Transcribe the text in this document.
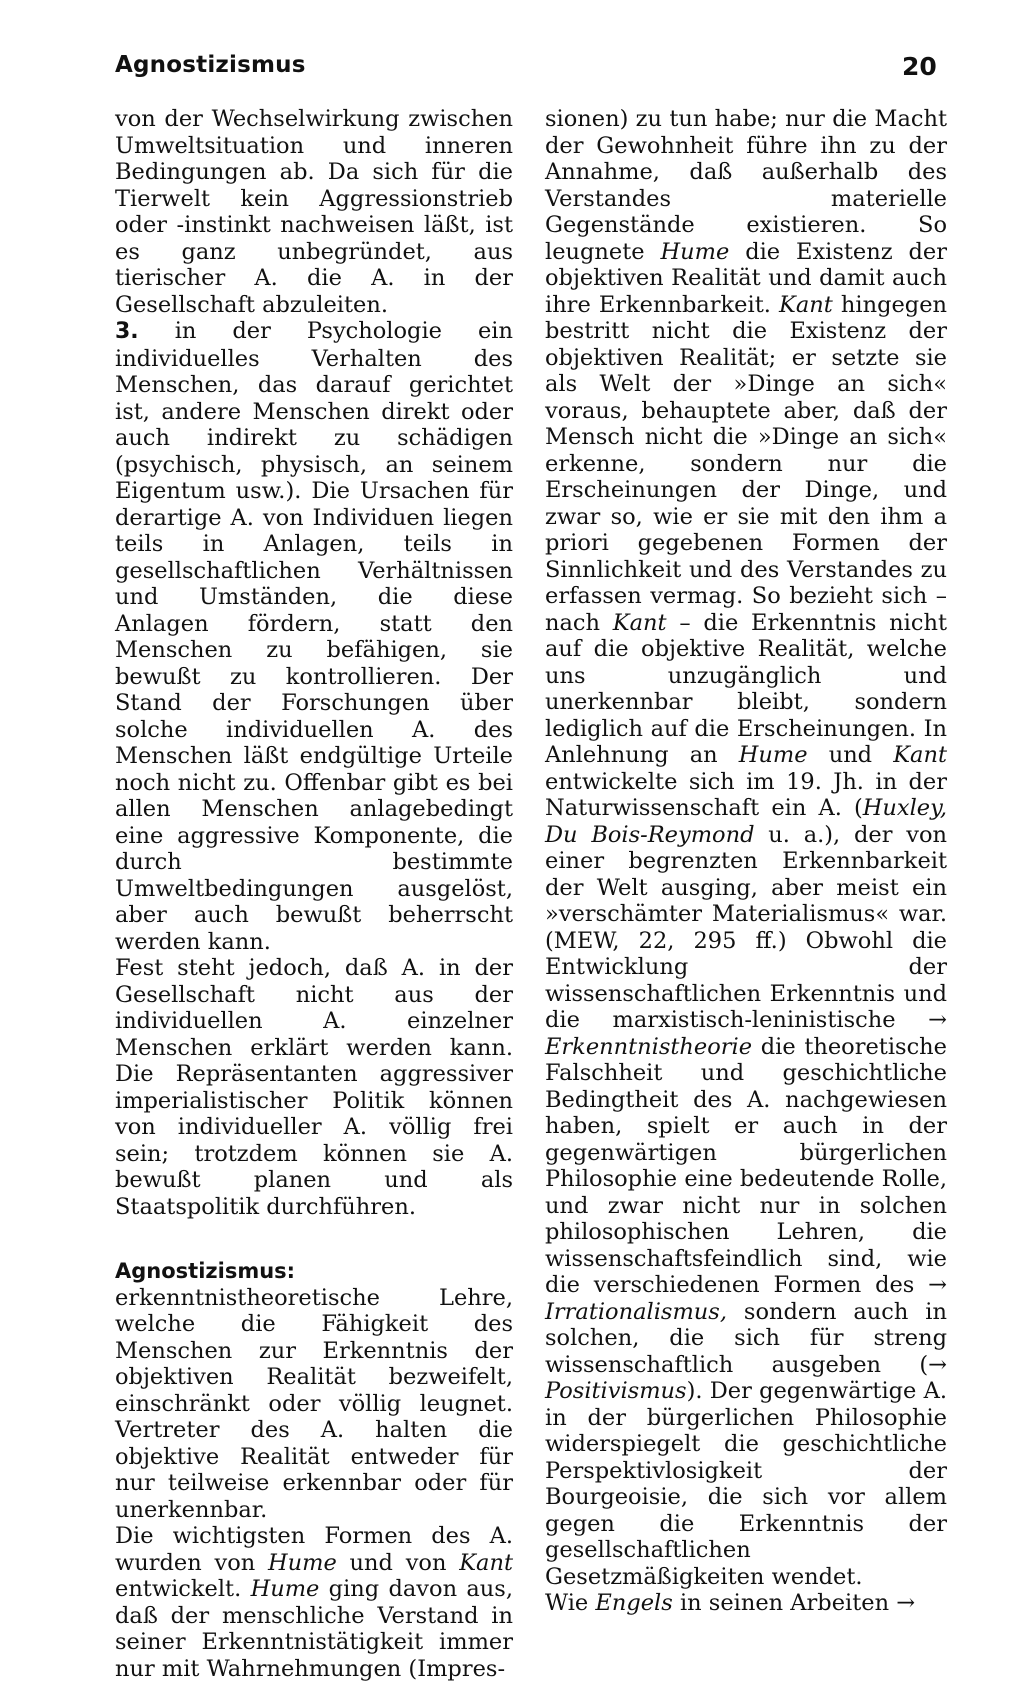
Agnostizismus	20

von der Wechselwirkung zwischen Umweltsituation und inneren Bedingungen ab. Da sich für die Tierwelt kein Aggressionstrieb oder -instinkt nachweisen läßt, ist es ganz unbegründet, aus tierischer A. die A. in der Gesellschaft abzuleiten.

3. in der Psychologie ein individuelles Verhalten des Menschen, das darauf gerichtet ist, andere Menschen direkt oder auch indirekt zu schädigen (psychisch, physisch, an seinem Eigentum usw.). Die Ursachen für derartige A. von Individuen liegen teils in Anlagen, teils in gesellschaftlichen Verhältnissen und Umständen, die diese Anlagen fördern, statt den Menschen zu befähigen, sie bewußt zu kontrollieren. Der Stand der Forschungen über solche individuellen A. des Menschen läßt endgültige Urteile noch nicht zu. Offenbar gibt es bei allen Menschen anlagebedingt eine aggressive Komponente, die durch bestimmte Umweltbedingungen ausgelöst, aber auch bewußt beherrscht werden kann.

Fest steht jedoch, daß A. in der Gesellschaft nicht aus der individuellen A. einzelner Menschen erklärt werden kann. Die Repräsentanten aggressiver imperialistischer Politik können von individueller A. völlig frei sein; trotzdem können sie A. bewußt planen und als Staatspolitik durchführen.

Agnostizismus: erkenntnistheoretische Lehre, welche die Fähigkeit des Menschen zur Erkenntnis der objektiven Realität bezweifelt, einschränkt oder völlig leugnet. Vertreter des A. halten die objektive Realität entweder für nur teilweise erkennbar oder für unerkennbar.

Die wichtigsten Formen des A. wurden von Hume und von Kant entwickelt. Hume ging davon aus, daß der menschliche Verstand in seiner Erkenntnistätigkeit immer nur mit Wahrnehmungen (Impres-

sionen) zu tun habe; nur die Macht der Gewohnheit führe ihn zu der Annahme, daß außerhalb des Verstandes materielle Gegenstände existieren. So leugnete Hume die Existenz der objektiven Realität und damit auch ihre Erkennbarkeit. Kant hingegen bestritt nicht die Existenz der objektiven Realität; er setzte sie als Welt der »Dinge an sich« voraus, behauptete aber, daß der Mensch nicht die »Dinge an sich« erkenne, sondern nur die Erscheinungen der Dinge, und zwar so, wie er sie mit den ihm a priori gegebenen Formen der Sinnlichkeit und des Verstandes zu erfassen vermag. So bezieht sich – nach Kant – die Erkenntnis nicht auf die objektive Realität, welche uns unzugänglich und unerkennbar bleibt, sondern lediglich auf die Erscheinungen. In Anlehnung an Hume und Kant entwickelte sich im 19. Jh. in der Naturwissenschaft ein A. (Huxley, Du Bois-Reymond u. a.), der von einer begrenzten Erkennbarkeit der Welt ausging, aber meist ein »verschämter Materialismus« war. (MEW, 22, 295 ff.) Obwohl die Entwicklung der wissenschaftlichen Erkenntnis und die marxistisch-leninistische → Erkenntnistheorie die theoretische Falschheit und geschichtliche Bedingtheit des A. nachgewiesen haben, spielt er auch in der gegenwärtigen bürgerlichen Philosophie eine bedeutende Rolle, und zwar nicht nur in solchen philosophischen Lehren, die wissenschaftsfeindlich sind, wie die verschiedenen Formen des → Irrationalismus, sondern auch in solchen, die sich für streng wissenschaftlich ausgeben (→ Positivismus). Der gegenwärtige A. in der bürgerlichen Philosophie widerspiegelt die geschichtliche Perspektivlosigkeit der Bourgeoisie, die sich vor allem gegen die Erkenntnis der gesellschaftlichen Gesetzmäßigkeiten wendet.

Wie Engels in seinen Arbeiten →
